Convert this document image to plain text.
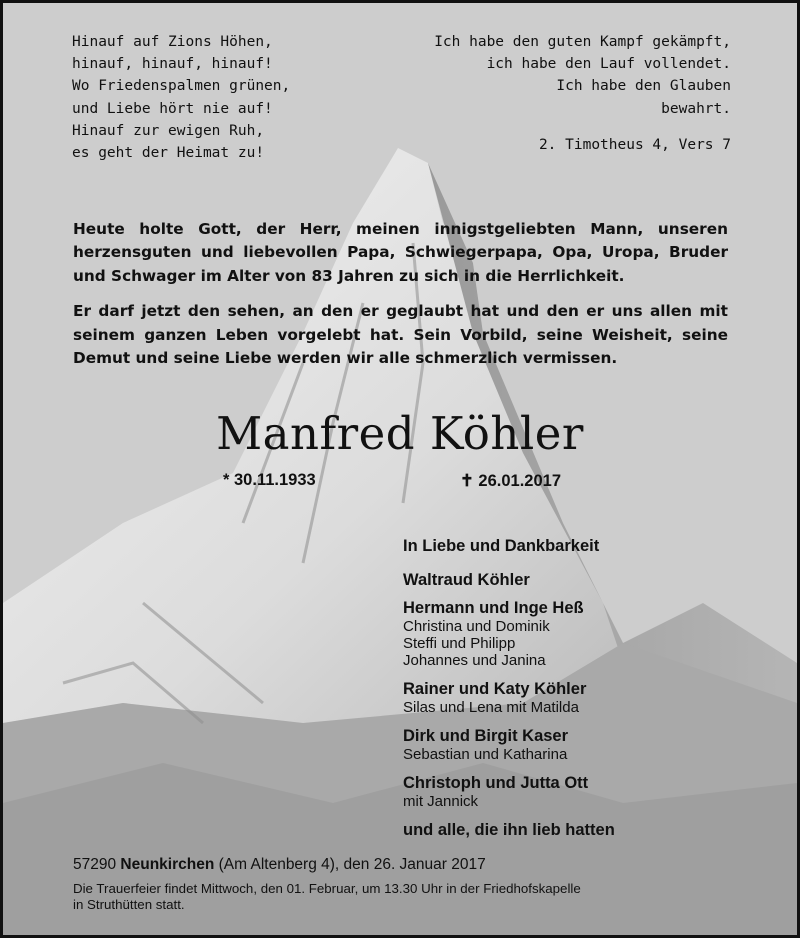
Hinauf auf Zions Höhen,
hinauf, hinauf, hinauf!
Wo Friedenspalmen grünen,
und Liebe hört nie auf!
Hinauf zur ewigen Ruh,
es geht der Heimat zu!
Ich habe den guten Kampf gekämpft,
ich habe den Lauf vollendet.
Ich habe den Glauben
bewahrt.
2. Timotheus 4, Vers 7

Heute holte Gott, der Herr, meinen innigstgeliebten Mann, unseren herzensguten und liebevollen Papa, Schwiegerpapa, Opa, Uropa, Bruder und Schwager im Alter von 83 Jahren zu sich in die Herrlichkeit.

Er darf jetzt den sehen, an den er geglaubt hat und den er uns allen mit seinem ganzen Leben vorgelebt hat. Sein Vorbild, seine Weisheit, seine Demut und seine Liebe werden wir alle schmerzlich vermissen.

Manfred Köhler
* 30.11.1933	✝ 26.01.2017
In Liebe und Dankbarkeit
Waltraud Köhler
Hermann und Inge Heß
Christina und Dominik
Steffi und Philipp
Johannes und Janina
Rainer und Katy Köhler
Silas und Lena mit Matilda
Dirk und Birgit Kaser
Sebastian und Katharina
Christoph und Jutta Ott
mit Jannick
und alle, die ihn lieb hatten
57290 Neunkirchen (Am Altenberg 4), den 26. Januar 2017
Die Trauerfeier findet Mittwoch, den 01. Februar, um 13.30 Uhr in der Friedhofskapelle
in Struthütten statt.
